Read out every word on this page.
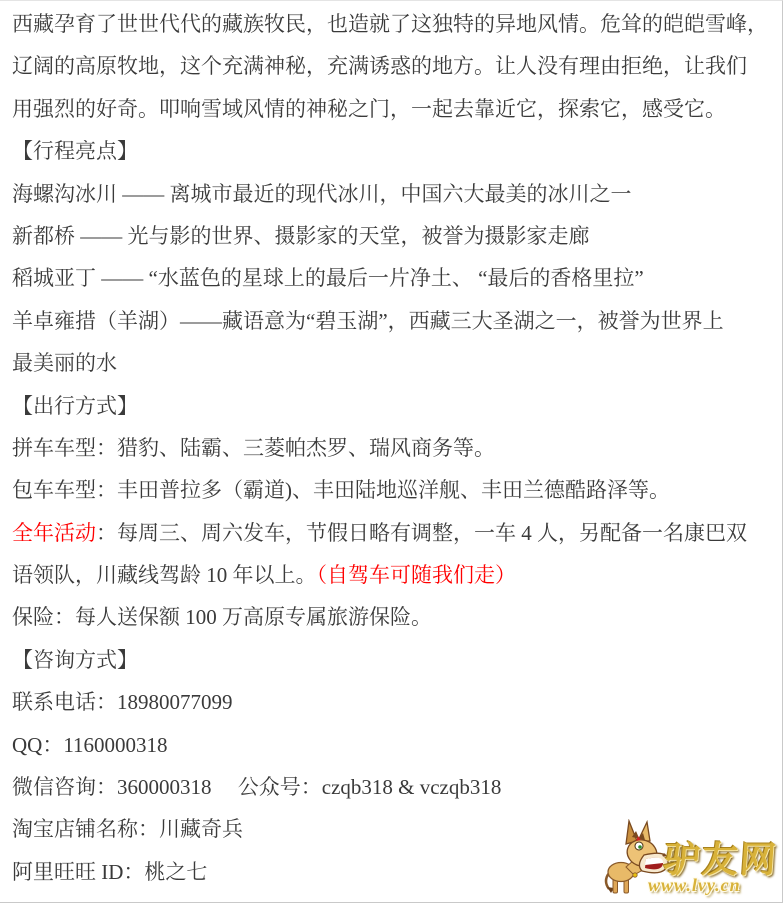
西藏孕育了世世代代的藏族牧民，也造就了这独特的异地风情。危耸的皑皑雪峰，
辽阔的高原牧地，这个充满神秘，充满诱惑的地方。让人没有理由拒绝，让我们
用强烈的好奇。叩响雪域风情的神秘之门，一起去靠近它，探索它，感受它。
【行程亮点】
海螺沟冰川 —— 离城市最近的现代冰川，中国六大最美的冰川之一
新都桥 —— 光与影的世界、摄影家的天堂，被誉为摄影家走廊
稻城亚丁 —— “水蓝色的星球上的最后一片净土、 “最后的香格里拉”
羊卓雍措（羊湖）——藏语意为“碧玉湖”，西藏三大圣湖之一，被誉为世界上
最美丽的水
【出行方式】
拼车车型：猎豹、陆霸、三菱帕杰罗、瑞风商务等。
包车车型：丰田普拉多（霸道)、丰田陆地巡洋舰、丰田兰德酷路泽等。
全年活动：每周三、周六发车，节假日略有调整，一车 4 人，另配备一名康巴双
语领队，川藏线驾龄 10 年以上。（自驾车可随我们走）
保险：每人送保额 100 万高原专属旅游保险。
【咨询方式】
联系电话：18980077099
QQ：1160000318
微信咨询：360000318     公众号：czqb318 & vczqb318
淘宝店铺名称：川藏奇兵
阿里旺旺 ID：桃之七	驴友网
www.lvy.cn
